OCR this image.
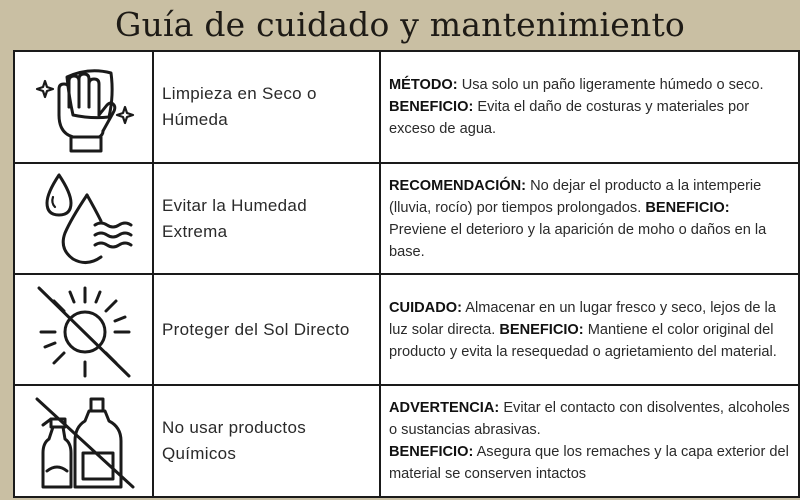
Guía de cuidado y mantenimiento
	Limpieza en Seco o Húmeda	MÉTODO: Usa solo un paño ligeramente húmedo o seco. BENEFICIO: Evita el daño de costuras y materiales por exceso de agua.

	Evitar la Humedad Extrema	RECOMENDACIÓN: No dejar el producto a la intemperie (lluvia, rocío) por tiempos prolongados. BENEFICIO: Previene el deterioro y la aparición de moho o daños en la base.

	Proteger del Sol Directo	CUIDADO: Almacenar en un lugar fresco y seco, lejos de la luz solar directa. BENEFICIO: Mantiene el color original del producto y evita la resequedad o agrietamiento del material.

	No usar productos Químicos	ADVERTENCIA: Evitar el contacto con disolventes, alcoholes o sustancias abrasivas.
BENEFICIO: Asegura que los remaches y la capa exterior del material se conserven intactos
